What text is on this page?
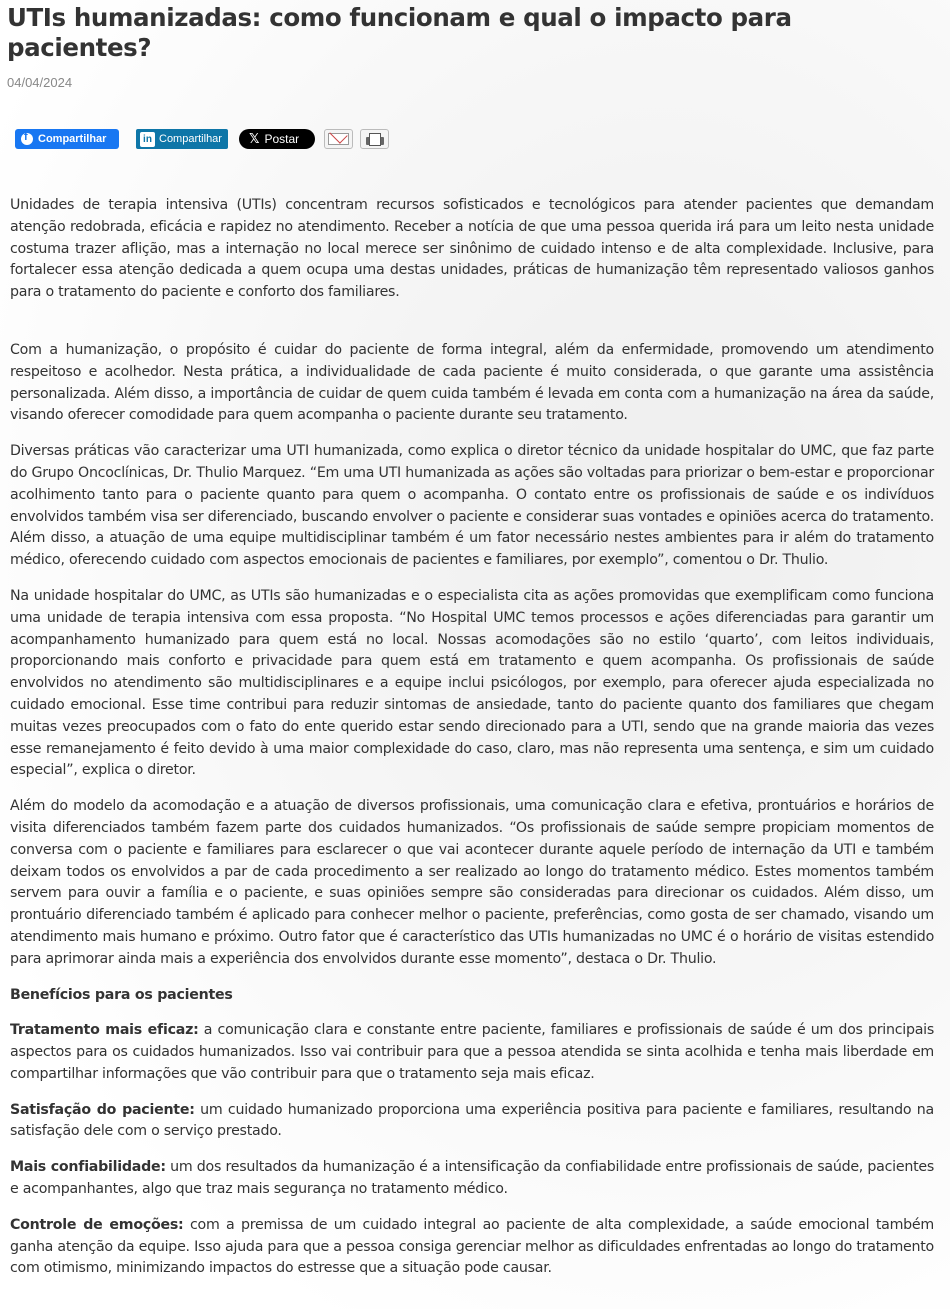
UTIs humanizadas: como funcionam e qual o impacto para pacientes?
04/04/2024
f
Compartilhar	in Compartilhar 𝕏 Postar

Unidades de terapia intensiva (UTIs) concentram recursos sofisticados e tecnológicos para atender pacientes que demandam atenção redobrada, eficácia e rapidez no atendimento. Receber a notícia de que uma pessoa querida irá para um leito nesta unidade costuma trazer aflição, mas a internação no local merece ser sinônimo de cuidado intenso e de alta complexidade. Inclusive, para fortalecer essa atenção dedicada a quem ocupa uma destas unidades, práticas de humanização têm representado valiosos ganhos para o tratamento do paciente e conforto dos familiares.

Com a humanização, o propósito é cuidar do paciente de forma integral, além da enfermidade, promovendo um atendimento respeitoso e acolhedor. Nesta prática, a individualidade de cada paciente é muito considerada, o que garante uma assistência personalizada. Além disso, a importância de cuidar de quem cuida também é levada em conta com a humanização na área da saúde, visando oferecer comodidade para quem acompanha o paciente durante seu tratamento.

Diversas práticas vão caracterizar uma UTI humanizada, como explica o diretor técnico da unidade hospitalar do UMC, que faz parte do Grupo Oncoclínicas, Dr. Thulio Marquez. “Em uma UTI humanizada as ações são voltadas para priorizar o bem-estar e proporcionar acolhimento tanto para o paciente quanto para quem o acompanha. O contato entre os profissionais de saúde e os indivíduos envolvidos também visa ser diferenciado, buscando envolver o paciente e considerar suas vontades e opiniões acerca do tratamento. Além disso, a atuação de uma equipe multidisciplinar também é um fator necessário nestes ambientes para ir além do tratamento médico, oferecendo cuidado com aspectos emocionais de pacientes e familiares, por exemplo”, comentou o Dr. Thulio.

Na unidade hospitalar do UMC, as UTIs são humanizadas e o especialista cita as ações promovidas que exemplificam como funciona uma unidade de terapia intensiva com essa proposta. “No Hospital UMC temos processos e ações diferenciadas para garantir um acompanhamento humanizado para quem está no local. Nossas acomodações são no estilo ‘quarto’, com leitos individuais, proporcionando mais conforto e privacidade para quem está em tratamento e quem acompanha. Os profissionais de saúde envolvidos no atendimento são multidisciplinares e a equipe inclui psicólogos, por exemplo, para oferecer ajuda especializada no cuidado emocional. Esse time contribui para reduzir sintomas de ansiedade, tanto do paciente quanto dos familiares que chegam muitas vezes preocupados com o fato do ente querido estar sendo direcionado para a UTI, sendo que na grande maioria das vezes esse remanejamento é feito devido à uma maior complexidade do caso, claro, mas não representa uma sentença, e sim um cuidado especial”, explica o diretor.

Além do modelo da acomodação e a atuação de diversos profissionais, uma comunicação clara e efetiva, prontuários e horários de visita diferenciados também fazem parte dos cuidados humanizados. “Os profissionais de saúde sempre propiciam momentos de conversa com o paciente e familiares para esclarecer o que vai acontecer durante aquele período de internação da UTI e também deixam todos os envolvidos a par de cada procedimento a ser realizado ao longo do tratamento médico. Estes momentos também servem para ouvir a família e o paciente, e suas opiniões sempre são consideradas para direcionar os cuidados. Além disso, um prontuário diferenciado também é aplicado para conhecer melhor o paciente, preferências, como gosta de ser chamado, visando um atendimento mais humano e próximo. Outro fator que é característico das UTIs humanizadas no UMC é o horário de visitas estendido para aprimorar ainda mais a experiência dos envolvidos durante esse momento”, destaca o Dr. Thulio.

Benefícios para os pacientes

Tratamento mais eficaz: a comunicação clara e constante entre paciente, familiares e profissionais de saúde é um dos principais aspectos para os cuidados humanizados. Isso vai contribuir para que a pessoa atendida se sinta acolhida e tenha mais liberdade em compartilhar informações que vão contribuir para que o tratamento seja mais eficaz.

Satisfação do paciente: um cuidado humanizado proporciona uma experiência positiva para paciente e familiares, resultando na satisfação dele com o serviço prestado.

Mais confiabilidade: um dos resultados da humanização é a intensificação da confiabilidade entre profissionais de saúde, pacientes e acompanhantes, algo que traz mais segurança no tratamento médico.

Controle de emoções: com a premissa de um cuidado integral ao paciente de alta complexidade, a saúde emocional também ganha atenção da equipe. Isso ajuda para que a pessoa consiga gerenciar melhor as dificuldades enfrentadas ao longo do tratamento com otimismo, minimizando impactos do estresse que a situação pode causar.
